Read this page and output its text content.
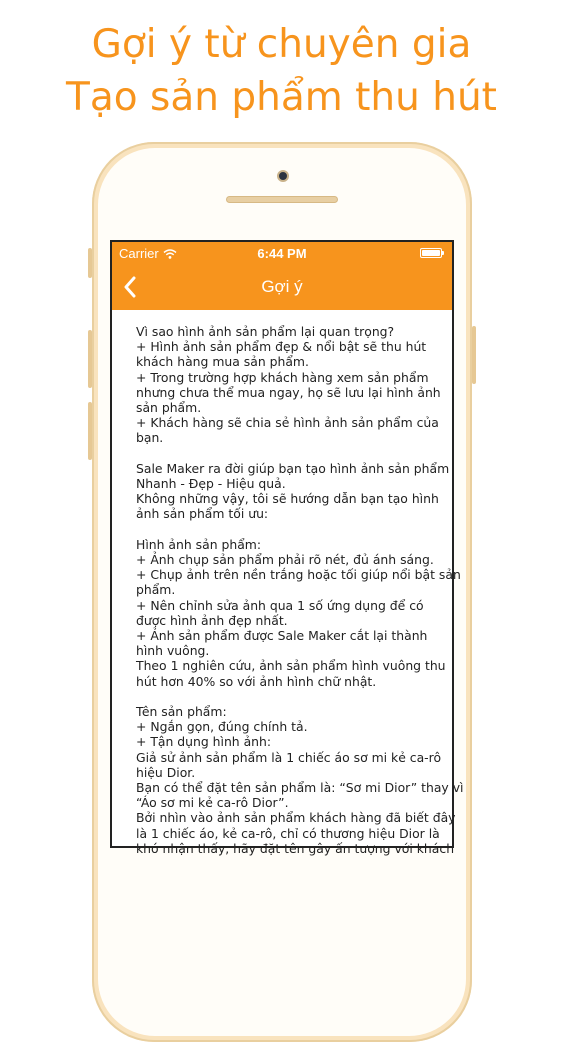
Gợi ý từ chuyên gia
Tạo sản phẩm thu hút
Carrier	6:44 PM
Gợi ý

Vì sao hình ảnh sản phẩm lại quan trọng?

+ Hình ảnh sản phẩm đẹp & nổi bật sẽ thu hút

khách hàng mua sản phẩm.

+ Trong trường hợp khách hàng xem sản phẩm

nhưng chưa thể mua ngay, họ sẽ lưu lại hình ảnh

sản phẩm.

+ Khách hàng sẽ chia sẻ hình ảnh sản phẩm của

bạn.

Sale Maker ra đời giúp bạn tạo hình ảnh sản phẩm

Nhanh - Đẹp - Hiệu quả.

Không những vậy, tôi sẽ hướng dẫn bạn tạo hình

ảnh sản phẩm tối ưu:

Hình ảnh sản phẩm:

+ Ảnh chụp sản phẩm phải rõ nét, đủ ánh sáng.

+ Chụp ảnh trên nền trắng hoặc tối giúp nổi bật sản

phẩm.

+ Nên chỉnh sửa ảnh qua 1 số ứng dụng để có

được hình ảnh đẹp nhất.

+ Ảnh sản phẩm được Sale Maker cắt lại thành

hình vuông.

Theo 1 nghiên cứu, ảnh sản phẩm hình vuông thu

hút hơn 40% so với ảnh hình chữ nhật.

Tên sản phẩm:

+ Ngắn gọn, đúng chính tả.

+ Tận dụng hình ảnh:

Giả sử ảnh sản phẩm là 1 chiếc áo sơ mi kẻ ca-rô

hiệu Dior.

Bạn có thể đặt tên sản phẩm là: “Sơ mi Dior” thay vì

“Áo sơ mi kẻ ca-rô Dior”.

Bởi nhìn vào ảnh sản phẩm khách hàng đã biết đây

là 1 chiếc áo, kẻ ca-rô, chỉ có thương hiệu Dior là

khó nhận thấy, hãy đặt tên gây ấn tượng với khách
